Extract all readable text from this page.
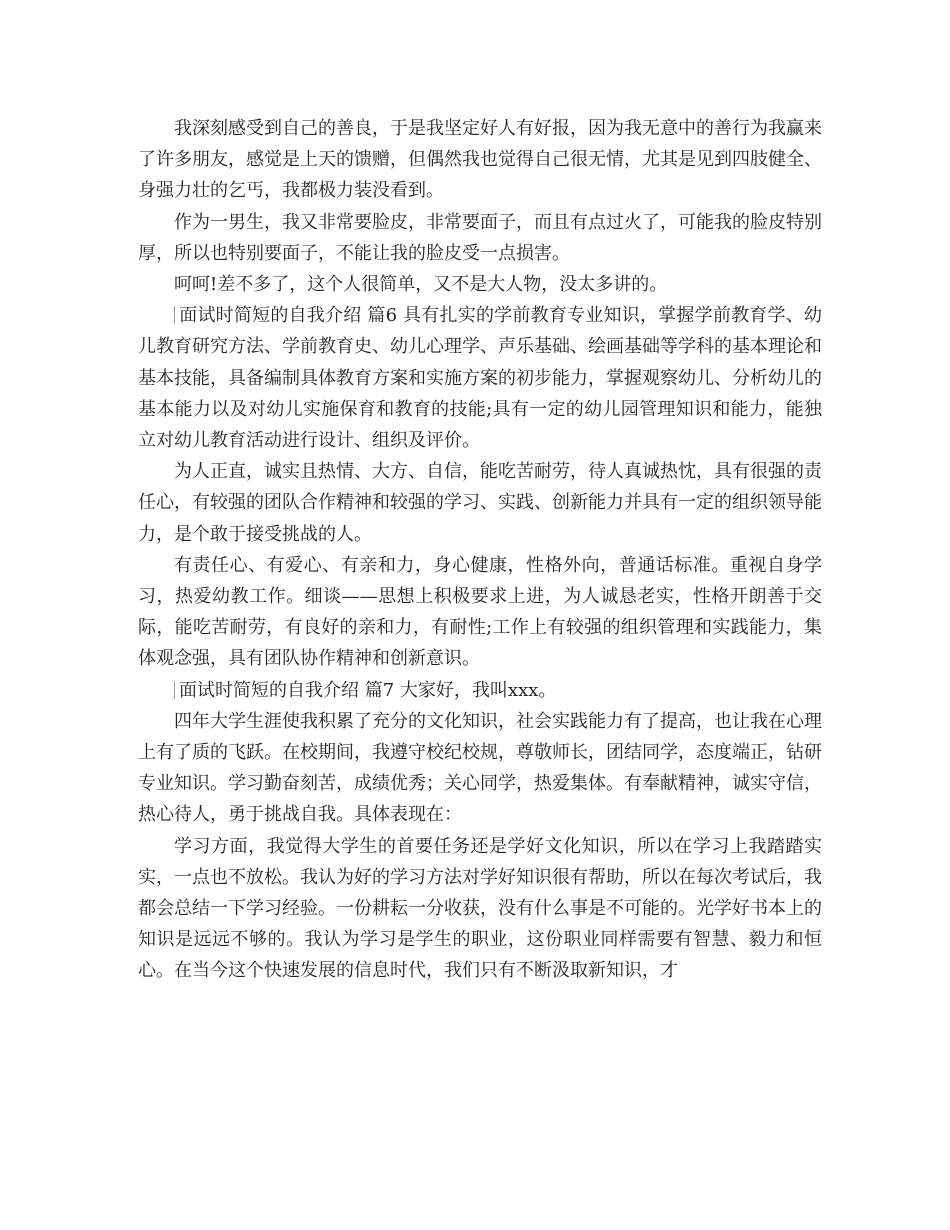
我深刻感受到自己的善良，于是我坚定好人有好报，因为我无意中的善行为我赢来了许多朋友，感觉是上天的馈赠，但偶然我也觉得自己很无情，尤其是见到四肢健全、身强力壮的乞丐，我都极力装没看到。

作为一男生，我又非常要脸皮，非常要面子，而且有点过火了，可能我的脸皮特别厚，所以也特别要面子，不能让我的脸皮受一点损害。

呵呵!差不多了，这个人很简单，又不是大人物，没太多讲的。

面试时简短的自我介绍 篇6 具有扎实的学前教育专业知识，掌握学前教育学、幼儿教育研究方法、学前教育史、幼儿心理学、声乐基础、绘画基础等学科的基本理论和基本技能，具备编制具体教育方案和实施方案的初步能力，掌握观察幼儿、分析幼儿的基本能力以及对幼儿实施保育和教育的技能;具有一定的幼儿园管理知识和能力，能独立对幼儿教育活动进行设计、组织及评价。

为人正直，诚实且热情、大方、自信，能吃苦耐劳，待人真诚热忱，具有很强的责任心，有较强的团队合作精神和较强的学习、实践、创新能力并具有一定的组织领导能力，是个敢于接受挑战的人。

有责任心、有爱心、有亲和力，身心健康，性格外向，普通话标准。重视自身学习，热爱幼教工作。细谈——思想上积极要求上进，为人诚恳老实，性格开朗善于交际，能吃苦耐劳，有良好的亲和力，有耐性;工作上有较强的组织管理和实践能力，集体观念强，具有团队协作精神和创新意识。

面试时简短的自我介绍 篇7 大家好，我叫xxx。

四年大学生涯使我积累了充分的文化知识，社会实践能力有了提高，也让我在心理上有了质的飞跃。在校期间，我遵守校纪校规，尊敬师长，团结同学，态度端正，钻研专业知识。学习勤奋刻苦，成绩优秀；关心同学，热爱集体。有奉献精神，诚实守信，热心待人，勇于挑战自我。具体表现在：

学习方面，我觉得大学生的首要任务还是学好文化知识，所以在学习上我踏踏实实，一点也不放松。我认为好的学习方法对学好知识很有帮助，所以在每次考试后，我都会总结一下学习经验。一份耕耘一分收获，没有什么事是不可能的。光学好书本上的知识是远远不够的。我认为学习是学生的职业，这份职业同样需要有智慧、毅力和恒心。在当今这个快速发展的信息时代，我们只有不断汲取新知识，才
